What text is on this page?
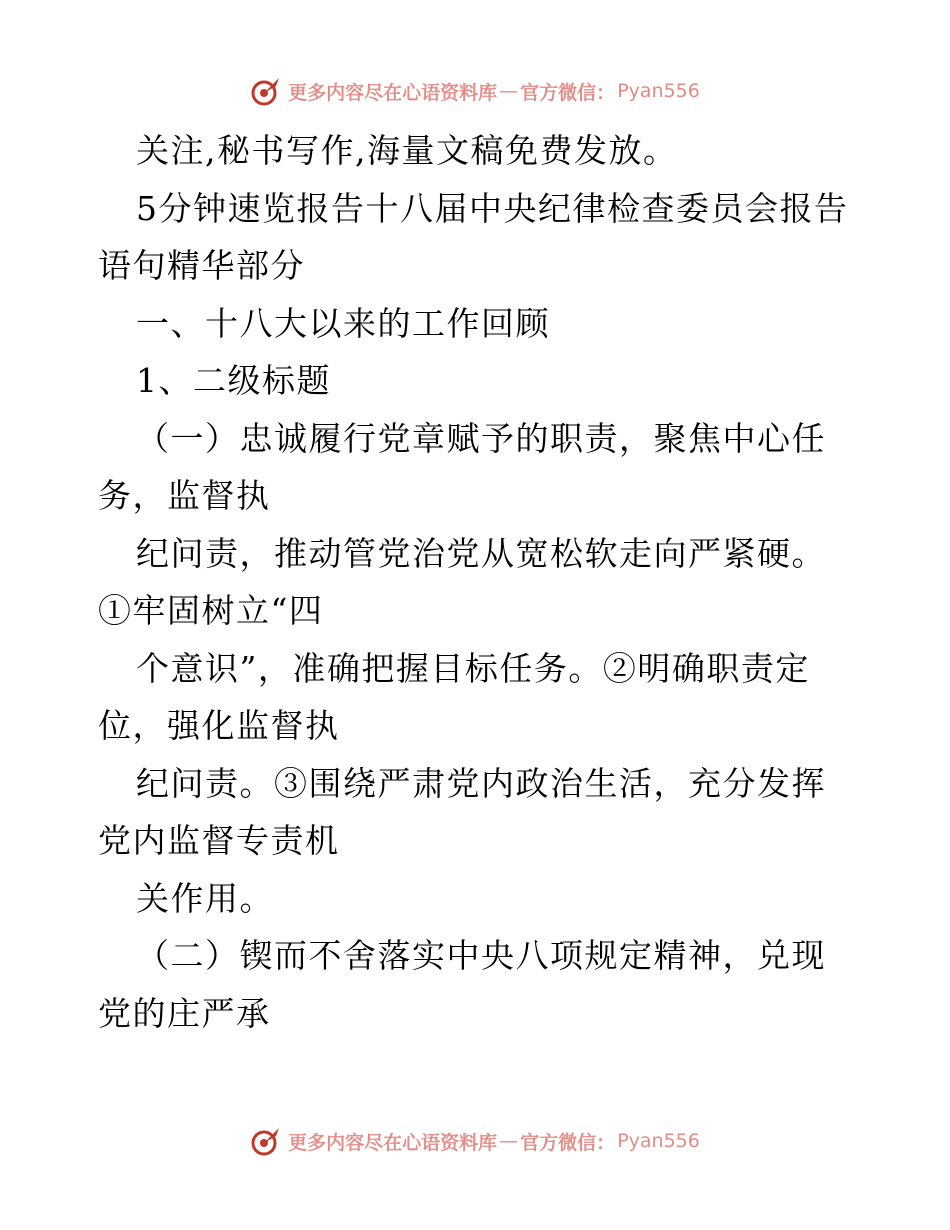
更多内容尽在心语资料库 — 官方微信： Pyan556

关注,秘书写作,海量文稿免费发放。

5分钟速览报告十八届中央纪律检查委员会报告语句精华部分

一、十八大以来的工作回顾

1、二级标题

（一）忠诚履行党章赋予的职责，聚焦中心任务，监督执

纪问责，推动管党治党从宽松软走向严紧硬。①牢固树立“四

个意识”，准确把握目标任务。②明确职责定位，强化监督执

纪问责。③围绕严肃党内政治生活，充分发挥党内监督专责机

关作用。

（二）锲而不舍落实中央八项规定精神，兑现党的庄严承

更多内容尽在心语资料库 — 官方微信： Pyan556
